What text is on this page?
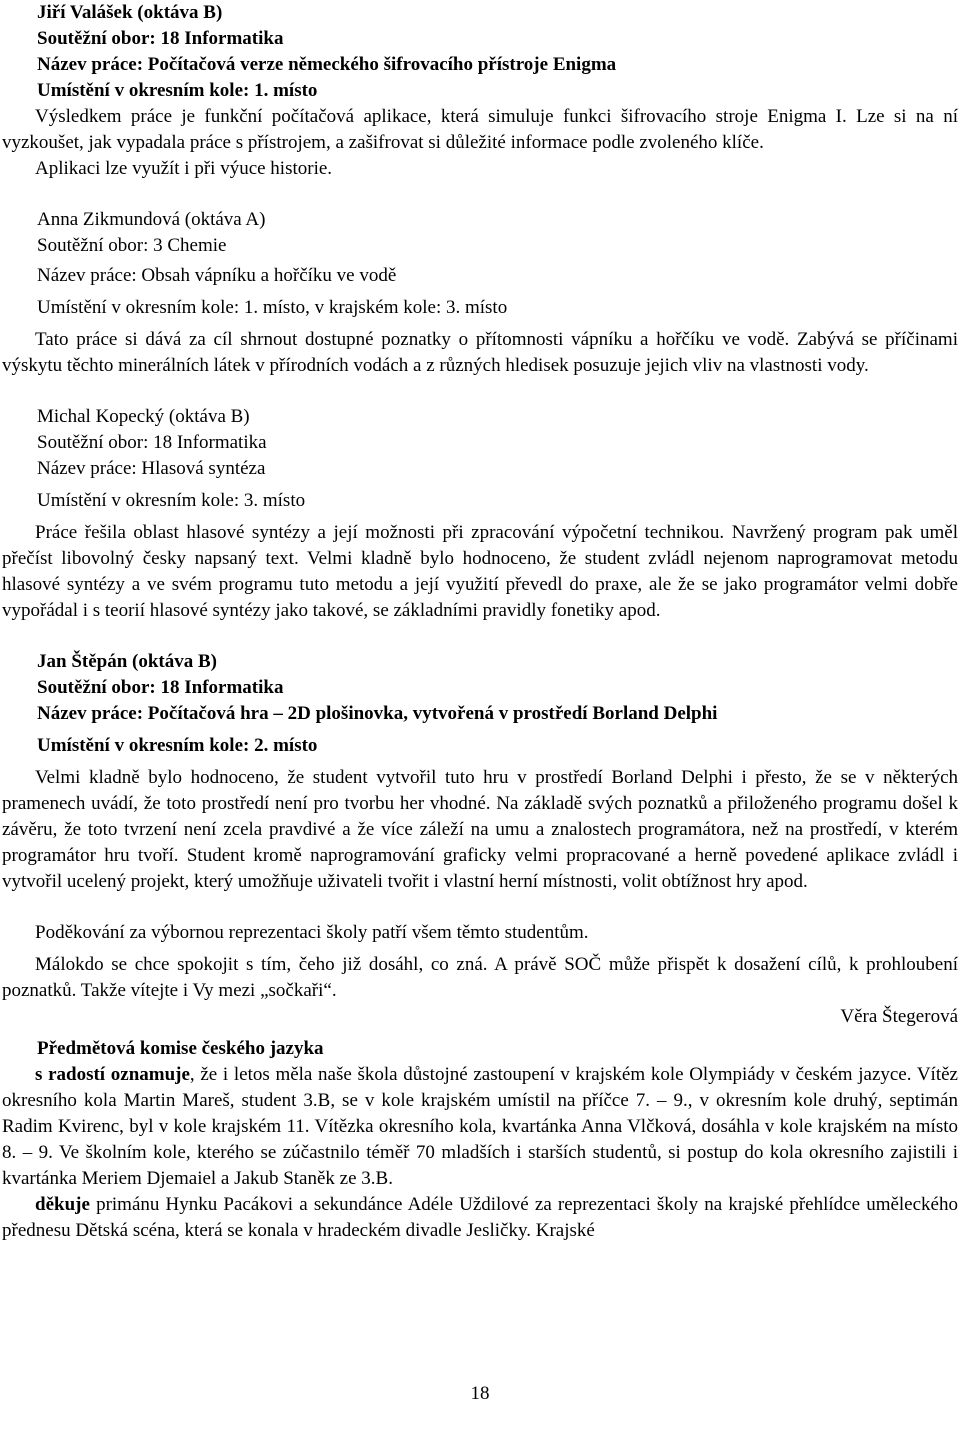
Jiří Valášek (oktáva B)

Soutěžní obor: 18 Informatika

Název práce: Počítačová verze německého šifrovacího přístroje Enigma

Umístění v okresním kole: 1. místo

Výsledkem práce je funkční počítačová aplikace, která simuluje funkci šifrovacího stroje Enigma I. Lze si na ní vyzkoušet, jak vypadala práce s přístrojem, a zašifrovat si důležité informace podle zvoleného klíče.

Aplikaci lze využít i při výuce historie.

Anna Zikmundová (oktáva A)

Soutěžní obor: 3 Chemie

Název práce: Obsah vápníku a hořčíku ve vodě

Umístění v okresním kole: 1. místo, v krajském kole: 3. místo

Tato práce si dává za cíl shrnout dostupné poznatky o přítomnosti vápníku a hořčíku ve vodě. Zabývá se příčinami výskytu těchto minerálních látek v přírodních vodách a z různých hledisek posuzuje jejich vliv na vlastnosti vody.

Michal Kopecký (oktáva B)

Soutěžní obor: 18 Informatika

Název práce: Hlasová syntéza

Umístění v okresním kole: 3. místo

Práce řešila oblast hlasové syntézy a její možnosti při zpracování výpočetní technikou. Navržený program pak uměl přečíst libovolný česky napsaný text. Velmi kladně bylo hodnoceno, že student zvládl nejenom naprogramovat metodu hlasové syntézy a ve svém programu tuto metodu a její využití převedl do praxe, ale že se jako programátor velmi dobře vypořádal i s teorií hlasové syntézy jako takové, se základními pravidly fonetiky apod.

Jan Štěpán (oktáva B)

Soutěžní obor: 18 Informatika

Název práce: Počítačová hra – 2D plošinovka, vytvořená v prostředí Borland Delphi

Umístění v okresním kole: 2. místo

Velmi kladně bylo hodnoceno, že student vytvořil tuto hru v prostředí Borland Delphi i přesto, že se v některých pramenech uvádí, že toto prostředí není pro tvorbu her vhodné. Na základě svých poznatků a přiloženého programu došel k závěru, že toto tvrzení není zcela pravdivé a že více záleží na umu a znalostech programátora, než na prostředí, v kterém programátor hru tvoří. Student kromě naprogramování graficky velmi propracované a herně povedené aplikace zvládl i vytvořil ucelený projekt, který umožňuje uživateli tvořit i vlastní herní místnosti, volit obtížnost hry apod.

Poděkování za výbornou reprezentaci školy patří všem těmto studentům.

Málokdo se chce spokojit s tím, čeho již dosáhl, co zná. A právě SOČ může přispět k dosažení cílů, k prohloubení poznatků. Takže vítejte i Vy mezi „sočkaři“.

Věra Štegerová

Předmětová komise českého jazyka

s radostí oznamuje, že i letos měla naše škola důstojné zastoupení v krajském kole Olympiády v českém jazyce. Vítěz okresního kola Martin Mareš, student 3.B, se v kole krajském umístil na příčce 7. – 9., v okresním kole druhý, septimán Radim Kvirenc, byl v kole krajském 11. Vítězka okresního kola, kvartánka Anna Vlčková, dosáhla v kole krajském na místo 8. – 9. Ve školním kole, kterého se zúčastnilo téměř 70 mladších i starších studentů, si postup do kola okresního zajistili i kvartánka Meriem Djemaiel a Jakub Staněk ze 3.B.

děkuje primánu Hynku Pacákovi a sekundánce Adéle Uždilové za reprezentaci školy na krajské přehlídce uměleckého přednesu Dětská scéna, která se konala v hradeckém divadle Jesličky. Krajské

18
